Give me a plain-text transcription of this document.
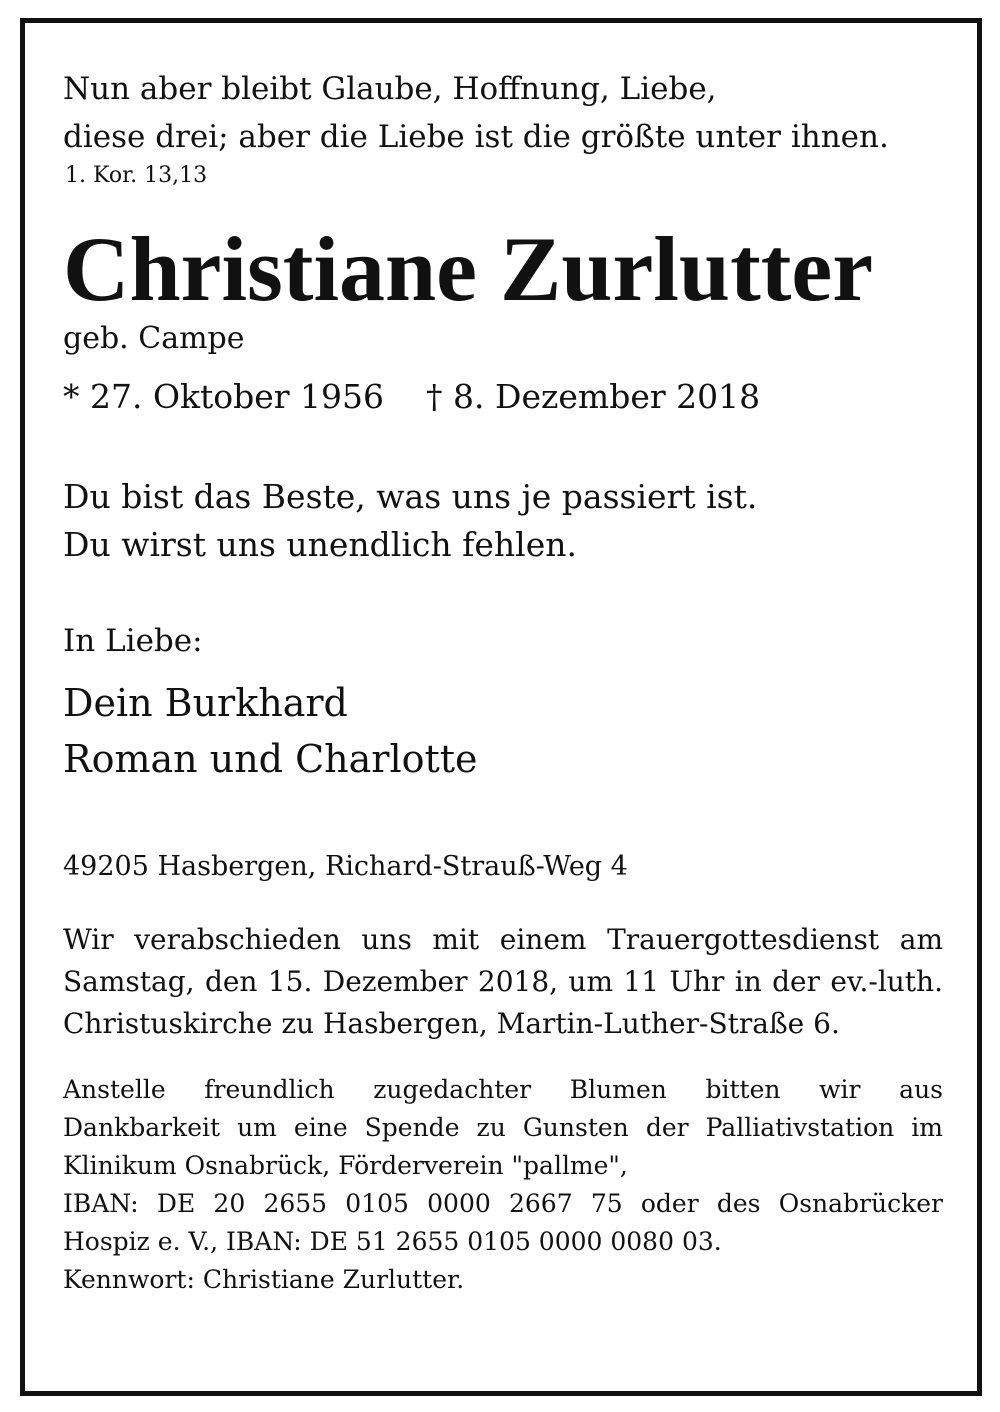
Nun aber bleibt Glaube, Hoffnung, Liebe,
diese drei; aber die Liebe ist die größte unter ihnen.
1. Kor. 13,13
Christiane Zurlutter
geb. Campe
* 27. Oktober 1956 † 8. Dezember 2018
Du bist das Beste, was uns je passiert ist.
Du wirst uns unendlich fehlen.
In Liebe:
Dein Burkhard
Roman und Charlotte
49205 Hasbergen, Richard-Strauß-Weg 4
Wir verabschieden uns mit einem Trauergottesdienst am
Samstag, den 15. Dezember 2018, um 11 Uhr in der ev.-luth.
Christuskirche zu Hasbergen, Martin-Luther-Straße 6.
Anstelle freundlich zugedachter Blumen bitten wir aus
Dankbarkeit um eine Spende zu Gunsten der Palliativstation im
Klinikum Osnabrück, Förderverein "pallme",
IBAN: DE 20 2655 0105 0000 2667 75 oder des Osnabrücker
Hospiz e. V., IBAN: DE 51 2655 0105 0000 0080 03.
Kennwort: Christiane Zurlutter.
